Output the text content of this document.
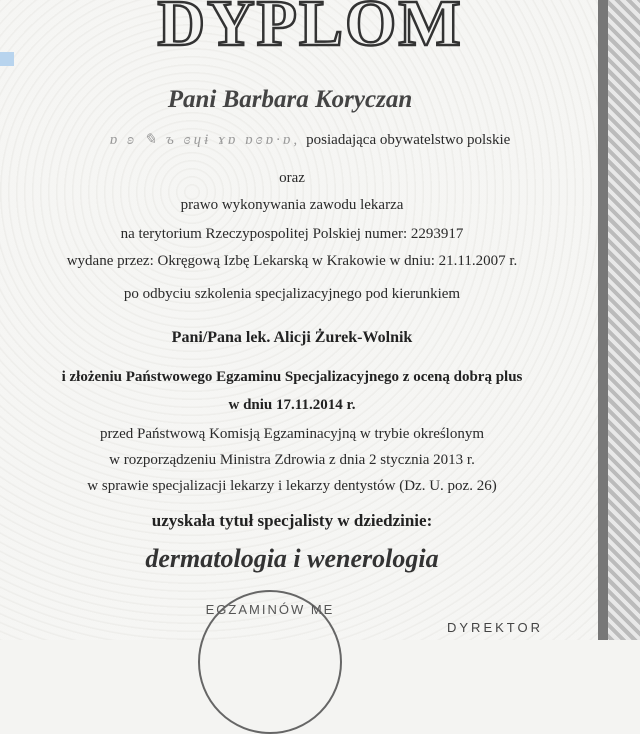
DYPLOM
Pani Barbara Koryczan
ɒ ʚ ✎ ъ ɞɥɨ ɤɒ ɒɞɒ·ɒ, posiadająca obywatelstwo polskie
oraz
prawo wykonywania zawodu lekarza
na terytorium Rzeczypospolitej Polskiej numer: 2293917
wydane przez: Okręgową Izbę Lekarską w Krakowie w dniu: 21.11.2007 r.
po odbyciu szkolenia specjalizacyjnego pod kierunkiem
Pani/Pana lek. Alicji Żurek-Wolnik
i złożeniu Państwowego Egzaminu Specjalizacyjnego z oceną dobrą plus
w dniu 17.11.2014 r.
przed Państwową Komisją Egzaminacyjną w trybie określonym
w rozporządzeniu Ministra Zdrowia z dnia 2 stycznia 2013 r.
w sprawie specjalizacji lekarzy i lekarzy dentystów (Dz. U. poz. 26)
uzyskała tytuł specjalisty w dziedzinie:
dermatologia i wenerologia
EGZAMINÓW ME
DYREKTOR
